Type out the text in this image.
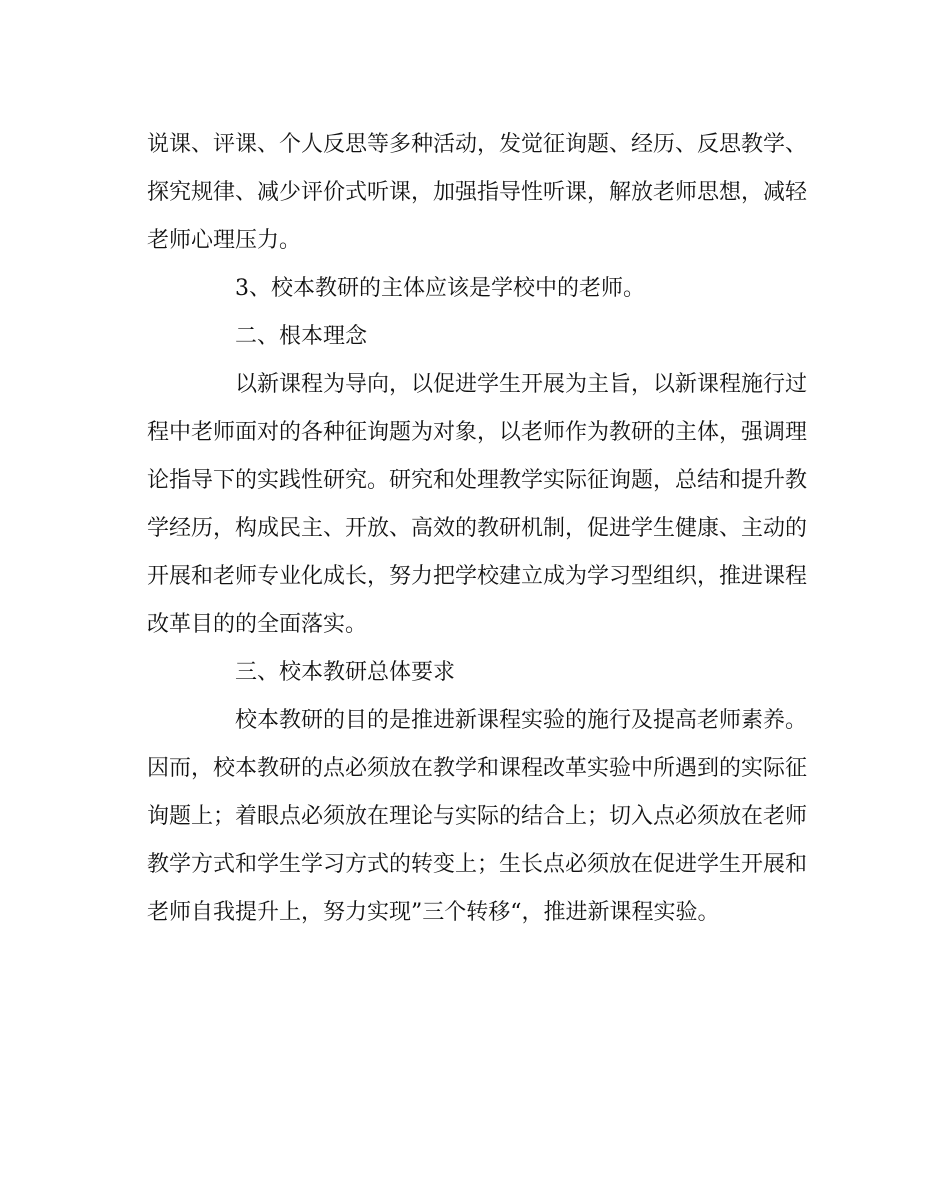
说课、评课、个人反思等多种活动，发觉征询题、经历、反思教学、探究规律、减少评价式听课，加强指导性听课，解放老师思想，减轻老师心理压力。

3、校本教研的主体应该是学校中的老师。

二、根本理念

以新课程为导向，以促进学生开展为主旨，以新课程施行过程中老师面对的各种征询题为对象，以老师作为教研的主体，强调理论指导下的实践性研究。研究和处理教学实际征询题，总结和提升教学经历，构成民主、开放、高效的教研机制，促进学生健康、主动的开展和老师专业化成长，努力把学校建立成为学习型组织，推进课程改革目的的全面落实。

三、校本教研总体要求

校本教研的目的是推进新课程实验的施行及提高老师素养。因而，校本教研的点必须放在教学和课程改革实验中所遇到的实际征询题上；着眼点必须放在理论与实际的结合上；切入点必须放在老师教学方式和学生学习方式的转变上；生长点必须放在促进学生开展和老师自我提升上，努力实现”三个转移“，推进新课程实验。
